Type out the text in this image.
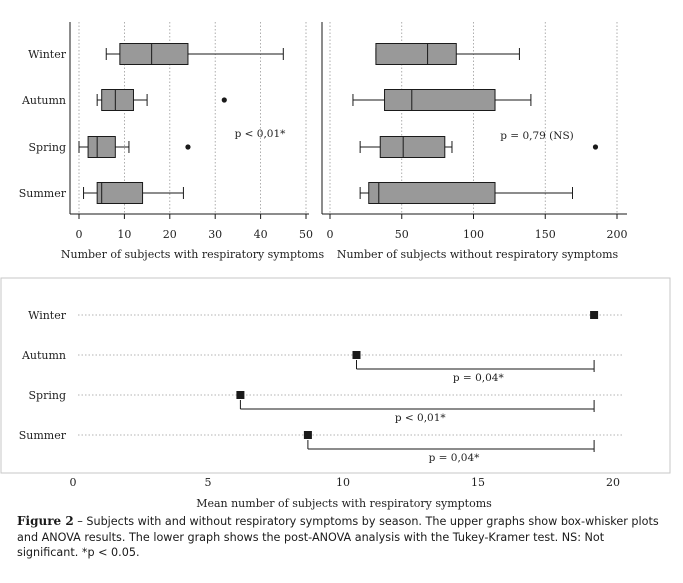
0	10	20	30	40	50
Winter
Autumn
Spring
Summer
Number of subjects with respiratory symptoms
0	50	100	150	200
Number of subjects without respiratory symptoms
p < 0,01*	p = 0,79 (NS)
Winter
Autumn
Spring
Summer
0	5	10	15	20
Mean number of subjects with respiratory symptoms
p = 0,04*
p < 0,01*
p = 0,04*
Figure 2 – Subjects with and without respiratory symptoms by season. The upper graphs show box-whisker plots and ANOVA results. The lower graph shows the post-ANOVA analysis with the Tukey-Kramer test. NS: Not significant. *p < 0.05.
